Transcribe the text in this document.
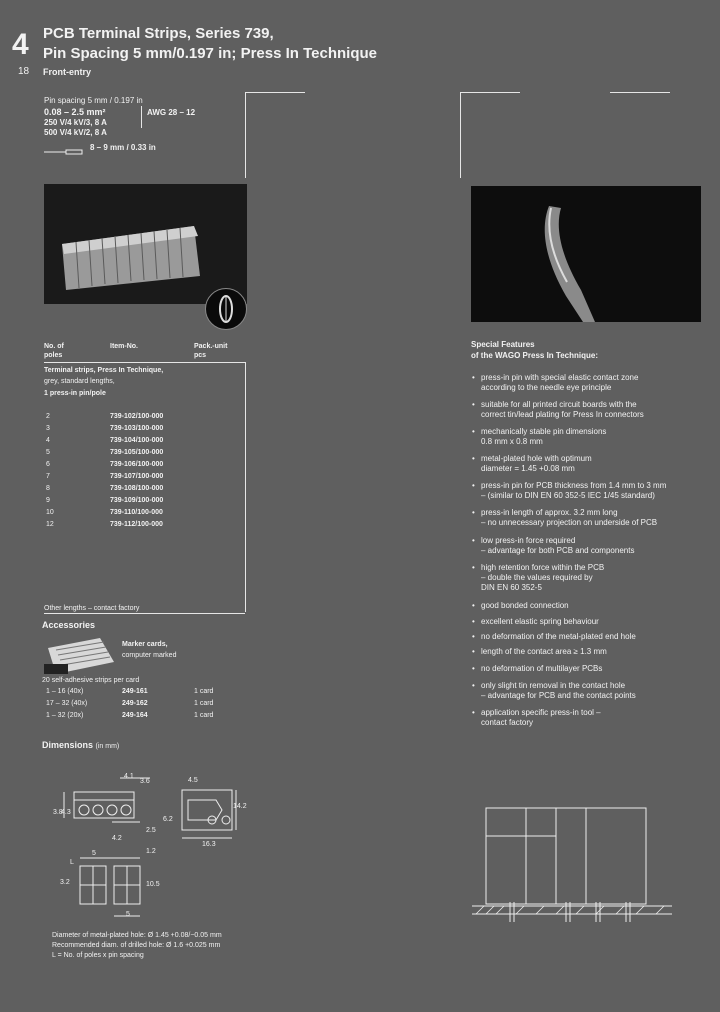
4
18
PCB Terminal Strips, Series 739,
Pin Spacing 5 mm/0.197 in; Press In Technique
Front-entry
Pin spacing 5 mm / 0.197 in
0.08 – 2.5 mm²	AWG 28 – 12
250 V/4 kV/3, 8 A
500 V/4 kV/2, 8 A
8 – 9 mm / 0.33 in
No. of
poles
Item-No.	Pack.-unit
pcs
Terminal strips, Press In Technique,
grey, standard lengths,
1 press-in pin/pole
2	739-102/100-000
3	739-103/100-000
4	739-104/100-000
5	739-105/100-000
6	739-106/100-000
7	739-107/100-000
8	739-108/100-000
9	739-109/100-000
10	739-110/100-000
12	739-112/100-000
Other lengths – contact factory
Accessories
Marker cards,
computer marked
20 self-adhesive strips per card
1 – 16 (40x)	249-161	1 card
17 – 32 (40x)	249-162	1 card
1 – 32 (20x)	249-164	1 card
Dimensions (in mm)
4.1
3.6
3.8
4.3
2.5
4.2
4.5
14.2
6.2
16.3
5	1.2
L
3.2	10.5
5
Diameter of metal-plated hole: Ø 1.45 +0.08/−0.05 mm
Recommended diam. of drilled hole: Ø 1.6 +0.025 mm
L = No. of poles x pin spacing
Special Features
of the WAGO Press In Technique:
• press-in pin with special elastic contact zone
according to the needle eye principle
• suitable for all printed circuit boards with the
correct tin/lead plating for Press In connectors
• mechanically stable pin dimensions
0.8 mm x 0.8 mm
• metal-plated hole with optimum
diameter = 1.45 +0.08 mm
• press-in pin for PCB thickness from 1.4 mm to 3 mm
– (similar to DIN EN 60 352-5 IEC 1/45 standard)
• press-in length of approx. 3.2 mm long
– no unnecessary projection on underside of PCB
• low press-in force required
– advantage for both PCB and components
• high retention force within the PCB
– double the values required by
DIN EN 60 352-5
• good bonded connection
• excellent elastic spring behaviour
• no deformation of the metal-plated end hole
• length of the contact area ≥ 1.3 mm
• no deformation of multilayer PCBs
• only slight tin removal in the contact hole
– advantage for PCB and the contact points
• application specific press-in tool –
contact factory
